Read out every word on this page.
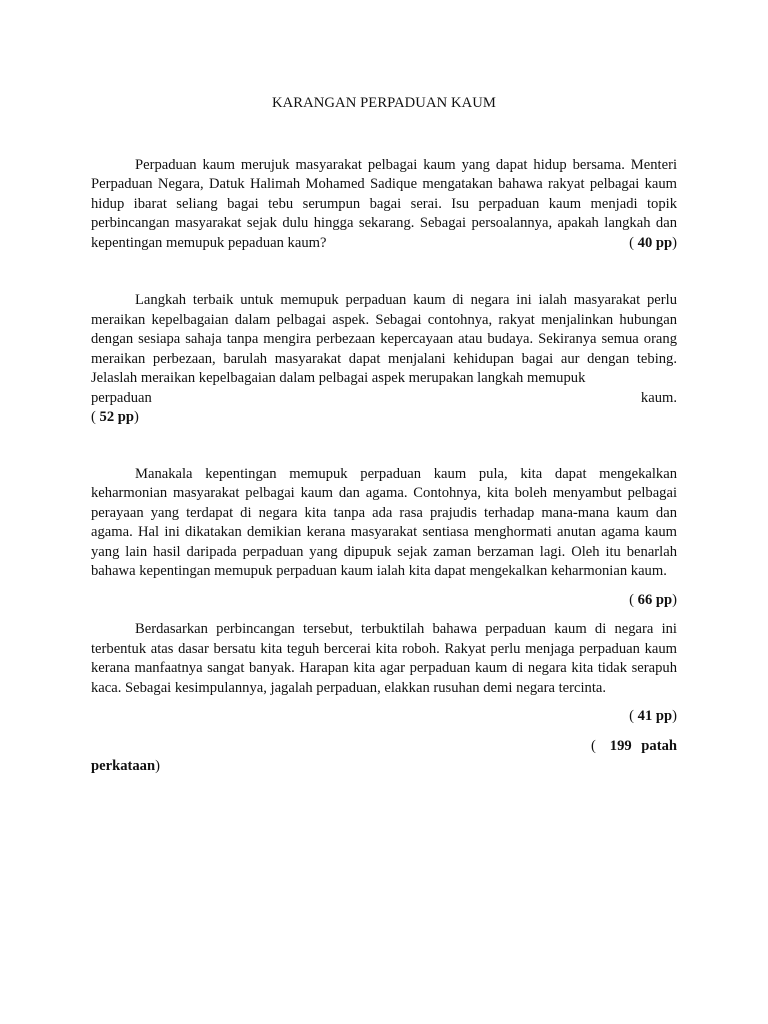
KARANGAN PERPADUAN KAUM

Perpaduan kaum merujuk masyarakat pelbagai kaum yang dapat hidup bersama. Menteri Perpaduan Negara, Datuk Halimah Mohamed Sadique mengatakan bahawa rakyat pelbagai kaum hidup ibarat seliang bagai tebu serumpun bagai serai. Isu perpaduan kaum menjadi topik perbincangan masyarakat sejak dulu hingga sekarang. Sebagai persoalannya, apakah langkah dan kepentingan memupuk pepaduan kaum?	( 40 pp)

Langkah terbaik untuk memupuk perpaduan kaum di negara ini ialah masyarakat perlu meraikan kepelbagaian dalam pelbagai aspek. Sebagai contohnya, rakyat menjalinkan hubungan dengan sesiapa sahaja tanpa mengira perbezaan kepercayaan atau budaya. Sekiranya semua orang meraikan perbezaan, barulah masyarakat dapat menjalani kehidupan bagai aur dengan tebing. Jelaslah meraikan kepelbagaian dalam pelbagai aspek merupakan langkah memupuk

perpaduan	kaum.

( 52 pp)

Manakala kepentingan memupuk perpaduan kaum pula, kita dapat mengekalkan keharmonian masyarakat pelbagai kaum dan agama. Contohnya, kita boleh menyambut pelbagai perayaan yang terdapat di negara kita tanpa ada rasa prajudis terhadap mana-mana kaum dan agama. Hal ini dikatakan demikian kerana masyarakat sentiasa menghormati anutan agama kaum yang lain hasil daripada perpaduan yang dipupuk sejak zaman berzaman lagi. Oleh itu benarlah bahawa kepentingan memupuk perpaduan kaum ialah kita dapat mengekalkan keharmonian kaum.

( 66 pp)

Berdasarkan perbincangan tersebut, terbuktilah bahawa perpaduan kaum di negara ini terbentuk atas dasar bersatu kita teguh bercerai kita roboh. Rakyat perlu menjaga perpaduan kaum kerana manfaatnya sangat banyak. Harapan kita agar perpaduan kaum di negara kita tidak serapuh kaca. Sebagai kesimpulannya, jagalah perpaduan, elakkan rusuhan demi negara tercinta.

( 41 pp)

( 199 patah

perkataan)
